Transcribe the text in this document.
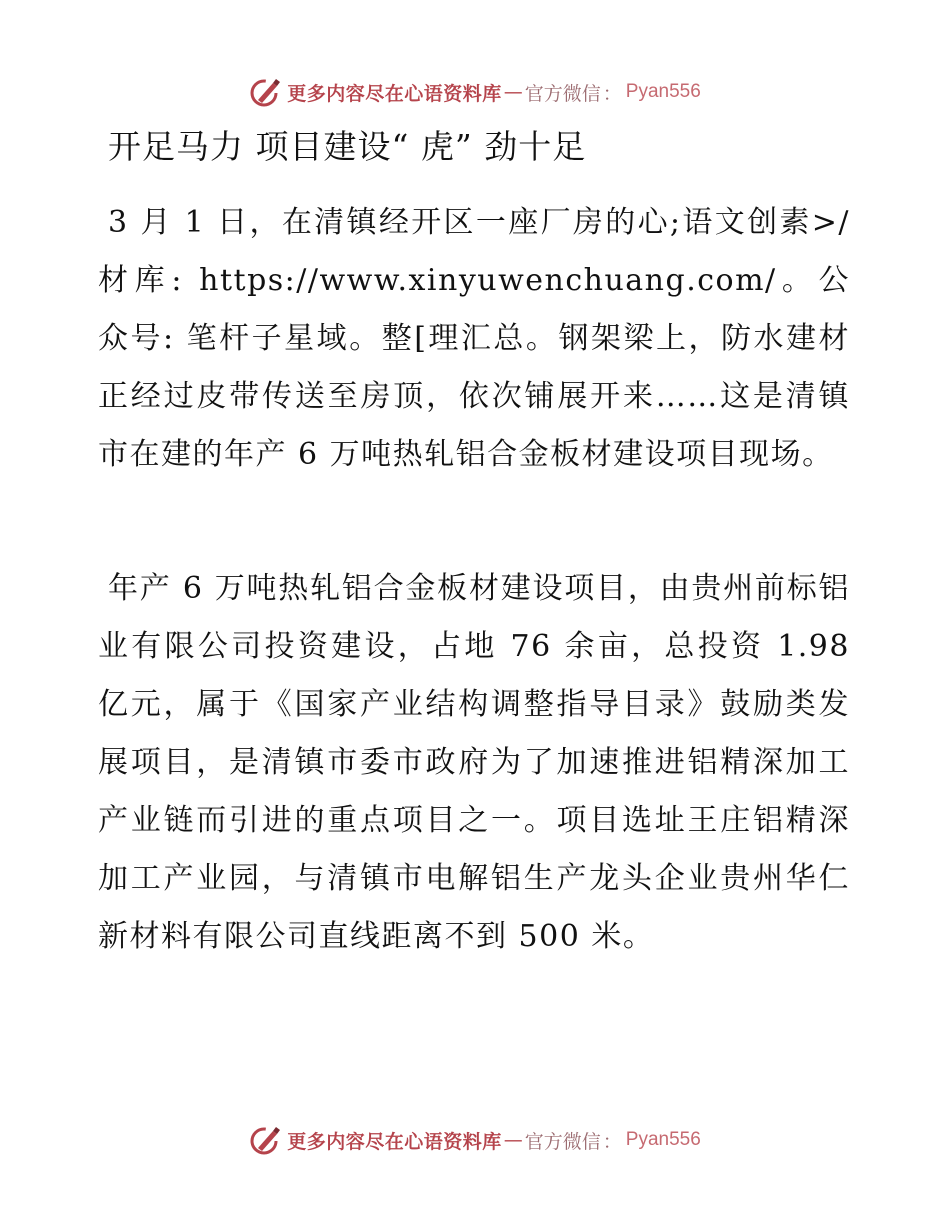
更多内容尽在心语资料库 — 官方微信 ： Pyan556
开足马力 项目建设“ 虎” 劲十足

3 月 1 日，在清镇经开区一座厂房的心;语文创素>/材库: https://www.xinyuwenchuang.com/。公众号: 笔杆子星域。整[理汇总。钢架梁上，防水建材正经过皮带传送至房顶，依次铺展开来……这是清镇市在建的年产 6 万吨热轧铝合金板材建设项目现场。

年产 6 万吨热轧铝合金板材建设项目，由贵州前标铝业有限公司投资建设，占地 76 余亩，总投资 1.98 亿元，属于《国家产业结构调整指导目录》鼓励类发展项目，是清镇市委市政府为了加速推进铝精深加工产业链而引进的重点项目之一。项目选址王庄铝精深加工产业园，与清镇市电解铝生产龙头企业贵州华仁新材料有限公司直线距离不到 500 米。

更多内容尽在心语资料库 — 官方微信 ： Pyan556
